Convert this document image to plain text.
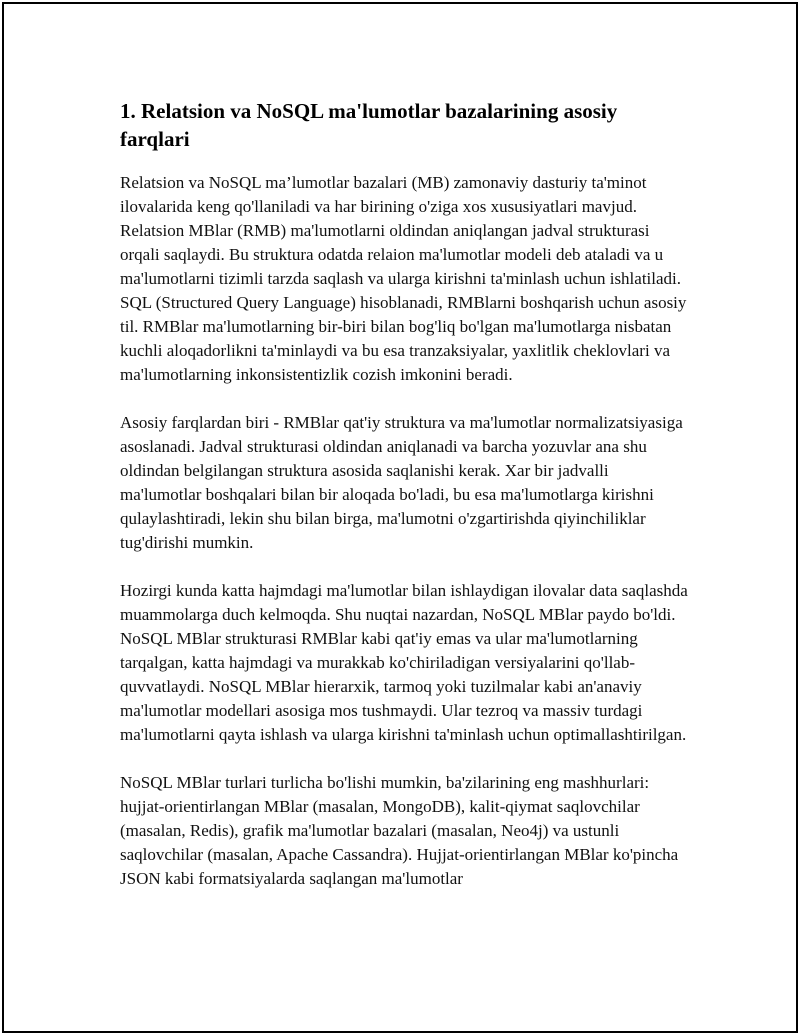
1. Relatsion va NoSQL ma'lumotlar bazalarining asosiy farqlari

Relatsion va NoSQL ma’lumotlar bazalari (MB) zamonaviy dasturiy ta'minot ilovalarida keng qo'llaniladi va har birining o'ziga xos xususiyatlari mavjud. Relatsion MBlar (RMB) ma'lumotlarni oldindan aniqlangan jadval strukturasi orqali saqlaydi. Bu struktura odatda relaion ma'lumotlar modeli deb ataladi va u ma'lumotlarni tizimli tarzda saqlash va ularga kirishni ta'minlash uchun ishlatiladi. SQL (Structured Query Language) hisoblanadi, RMBlarni boshqarish uchun asosiy til. RMBlar ma'lumotlarning bir-biri bilan bog'liq bo'lgan ma'lumotlarga nisbatan kuchli aloqadorlikni ta'minlaydi va bu esa tranzaksiyalar, yaxlitlik cheklovlari va ma'lumotlarning inkonsistentizlik cozish imkonini beradi.

Asosiy farqlardan biri - RMBlar qat'iy struktura va ma'lumotlar normalizatsiyasiga asoslanadi. Jadval strukturasi oldindan aniqlanadi va barcha yozuvlar ana shu oldindan belgilangan struktura asosida saqlanishi kerak. Xar bir jadvalli ma'lumotlar boshqalari bilan bir aloqada bo'ladi, bu esa ma'lumotlarga kirishni qulaylashtiradi, lekin shu bilan birga, ma'lumotni o'zgartirishda qiyinchiliklar tug'dirishi mumkin.

Hozirgi kunda katta hajmdagi ma'lumotlar bilan ishlaydigan ilovalar data saqlashda muammolarga duch kelmoqda. Shu nuqtai nazardan, NoSQL MBlar paydo bo'ldi. NoSQL MBlar strukturasi RMBlar kabi qat'iy emas va ular ma'lumotlarning tarqalgan, katta hajmdagi va murakkab ko'chiriladigan versiyalarini qo'llab-quvvatlaydi. NoSQL MBlar hierarxik, tarmoq yoki tuzilmalar kabi an'anaviy ma'lumotlar modellari asosiga mos tushmaydi. Ular tezroq va massiv turdagi ma'lumotlarni qayta ishlash va ularga kirishni ta'minlash uchun optimallashtirilgan.

NoSQL MBlar turlari turlicha bo'lishi mumkin, ba'zilarining eng mashhurlari: hujjat-orientirlangan MBlar (masalan, MongoDB), kalit-qiymat saqlovchilar (masalan, Redis), grafik ma'lumotlar bazalari (masalan, Neo4j) va ustunli saqlovchilar (masalan, Apache Cassandra). Hujjat-orientirlangan MBlar ko'pincha JSON kabi formatsiyalarda saqlangan ma'lumotlar
